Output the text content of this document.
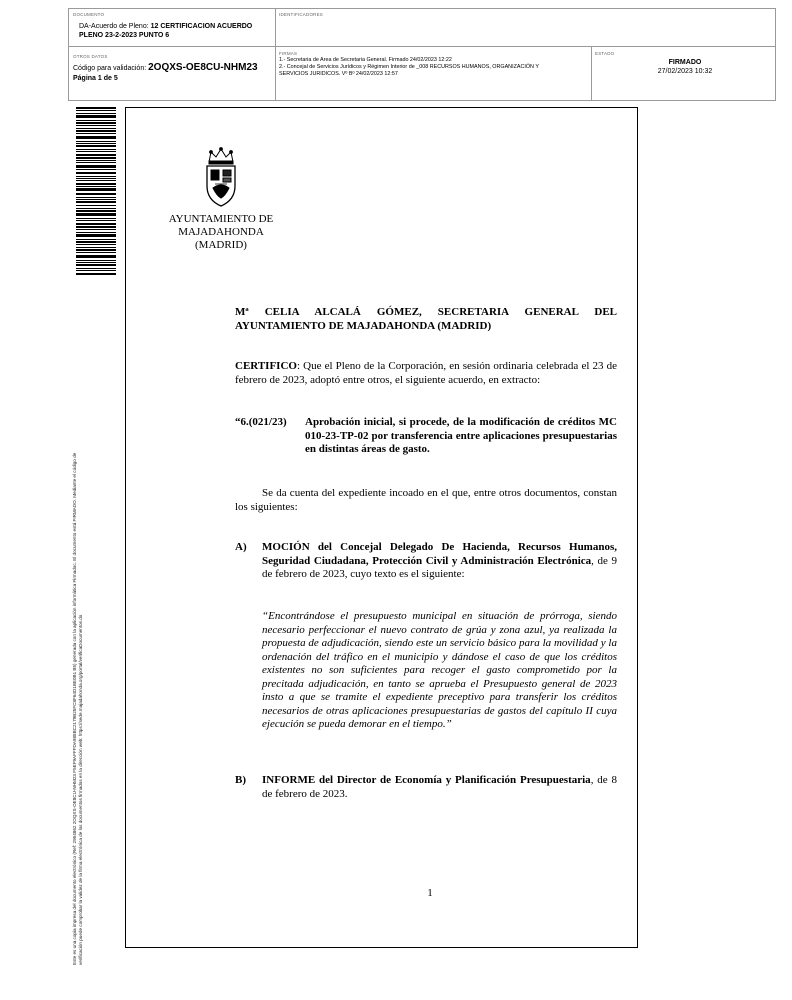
DOCUMENTO
DA-Acuerdo de Pleno: 12 CERTIFICACION ACUERDO
PLENO 23-2-2023 PUNTO 6
IDENTIFICADORES
OTROS DATOS
Código para validación: 2OQXS-OE8CU-NHM23
Página 1 de 5
FIRMAS
1.- Secretaria de Area de Secretaria General. Firmado 24/02/2023 12:22
2.- Concejal de Servicios Jurídicos y Régimen Interior de _008 RECURSOS HUMANOS, ORGANIZACIÓN Y
SERVICIOS JURIDICOS. Vº Bº 24/02/2023 12:57
ESTADO
FIRMADO
27/02/2023 10:32
Este es una copia impresa del documento electrónico (Ref: 2954862 2OQXS-OE8CU-NHM23 F5EF9AFFFDA988BC2179B25FC8F64D1BE0B1 B5) generada con la aplicación informática Firmadoc. El documento está FIRMADO. Mediante el código de verificación puede comprobar la validez de la firma electrónica de los documentos firmados en la dirección web: https://sede.majadahonda.org/portal/verificaDocumentos.do
AYUNTAMIENTO DE
MAJADAHONDA
(MADRID)
Mª CELIA ALCALÁ GÓMEZ, SECRETARIA GENERAL DEL AYUNTAMIENTO DE MAJADAHONDA (MADRID)
CERTIFICO: Que el Pleno de la Corporación, en sesión ordinaria celebrada el 23 de febrero de 2023, adoptó entre otros, el siguiente acuerdo, en extracto:
“6.(021/23)	Aprobación inicial, si procede, de la modificación de créditos MC 010-23-TP-02 por transferencia entre aplicaciones presupuestarias en distintas áreas de gasto.
Se da cuenta del expediente incoado en el que, entre otros documentos, constan los siguientes:
A)	MOCIÓN del Concejal Delegado De Hacienda, Recursos Humanos, Seguridad Ciudadana, Protección Civil y Administración Electrónica, de 9 de febrero de 2023, cuyo texto es el siguiente:
“Encontrándose el presupuesto municipal en situación de prórroga, siendo necesario perfeccionar el nuevo contrato de grúa y zona azul, ya realizada la propuesta de adjudicación, siendo este un servicio básico para la movilidad y la ordenación del tráfico en el municipio y dándose el caso de que los créditos existentes no son suficientes para recoger el gasto comprometido por la precitada adjudicación, en tanto se aprueba el Presupuesto general de 2023 insto a que se tramite el expediente preceptivo para transferir los créditos necesarios de otras aplicaciones presupuestarias de gastos del capítulo II cuya ejecución se pueda demorar en el tiempo.”
B)	INFORME del Director de Economía y Planificación Presupuestaria, de 8 de febrero de 2023.
1
